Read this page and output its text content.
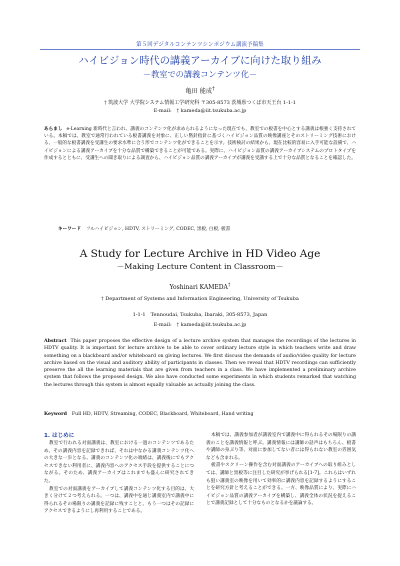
第５回デジタルコンテンツシンポジウム講演予稿集
ハイビジョン時代の講義アーカイブに向けた取り組み
－教室での講義コンテンツ化－
亀田 能成†
† 筑波大学 大学院システム情報工学研究科 〒305-8573 茨城県つくば市天王台 1-1-1
E-mail:　† kameda@iit.tsukuba.ac.jp
あらまし e-Learning 新時代と言われ、講義のコンテンツ化が求められるようになった現在でも、教室での板書を中心とする講義は根強く支持されている。本稿では、教室で通常行われている板書講義を対象に、正しい黙針指針に基づくハイビジョン品質の映像講座とそのストリーミング技術における、一般的な板書講義を受講生の要求水準に合う形でコンテンツ化ができることを示す。技術検討の結果から、現在比較的容易に入手可能な設備で、ハイビジョンによる講義アーカイブを十分な品質で構築できることが可能である。実際に、ハイビジョン品質の講義アーカイブシステムのプロトタイプを作成するとともに、受講生への聞き取りによる調査から、ハイビジョン品質の講義アーカイブが講義を受講する上で十分な品質となることを確認した。
キーワード フルハイビジョン, HDTV, ストリーミング, CODEC, 黒板, 白板, 板書
A Study for Lecture Archive in HD Video Age
－Making Lecture Content in Classroom－
Yoshinari KAMEDA†
† Department of Systems and Information Engineering, University of Tsukuba
1-1-1　Tennoudai, Tsukuba, Ibaraki, 305-8573, Japan
E-mail:　† kameda@iit.tsukuba.ac.jp
Abstract This paper proposes the effective design of a lecture archive system that manages the recordings of the lectures in HDTV quality. It is important for lecture archive to be able to cover ordinary lecture style in which teachers write and draw something on a blackboard and/or whiteboard on giving lectures. We first discuss the demands of audio/video quality for lecture archive based on the visual and auditory ability of participants in classes. Then we reveal that HDTV recordings can sufficiently preserve the all the learning materials that are given from teachers in a class. We have implemented a preliminary archive system that follows the proposed design. We also have conducted some experiments in which students remarked that watching the lectures through this system is almost equally valuable as actually joining the class.
Keyword Full HD, HDTV, Streaming, CODEC, Blackboard, Whiteboard, Hand writing
1. はじめに

教室で行われる対面講義は、教室における一過のコンテンツであるため、その講義内容を記録できれば、それは中なかる講義コンテンツ化への大きな一歩となる。講義のコンテンツ化の端緒は、講義後にでもアクセスできない利用者に、講義内容へのアクセス手段を提供することにつながる。そのため、講義アーカイブはこれまでも盛んに研究されてきた。

教室での対面講義をアーカイブして講義コンテンツ化する目的は、大きく分けて２つ考えられる。一つは、講義中を通じ講義室内で講義中に得られるその場限りの講義を記録に残すことと、もう一つはその記録にアクセスできるようにし再利用することである。

本稿では、講義参加者が講義室内で講義中に得られるその場限りの講義のことを講義情報と呼ぶ。講義情報には講師の話声はもちろん、板書や講師の身ぶり等、対面に参加してない者には得られない教室の雰囲気なども含まれる。

板書やスクリーン操作を含む対面講義のアーカイブへの取り組みとしては、講師と黒板等に注目した研究が挙げられる[1-7]。これらはいずれも狙い講義室の映像を用いて効率的に講義内容を記録するようにすることを研究方針と考えることができる。一方、映像品質により、実際にハイビジョン品質の講義アーカイブを構築し、講義全体の状況を捉えることで講義記録として十分なものとなるかを議論する。
